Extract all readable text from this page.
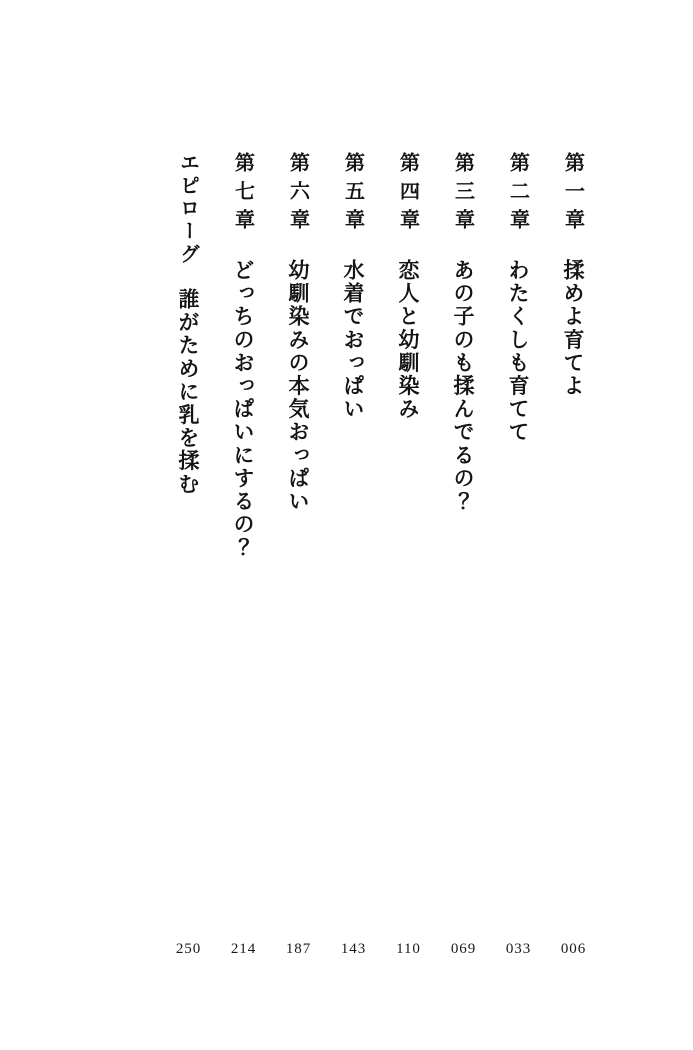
第一章
揉めよ育てよ
第二章
わたくしも育てて
第三章
あの子のも揉んでるの？
第四章
恋人と幼馴染み
第五章
水着でおっぱい
第六章
幼馴染みの本気おっぱい
第七章
どっちのおっぱいにするの？
エピローグ
誰がために乳を揉む
006
033
069
110
143
187
214
250
